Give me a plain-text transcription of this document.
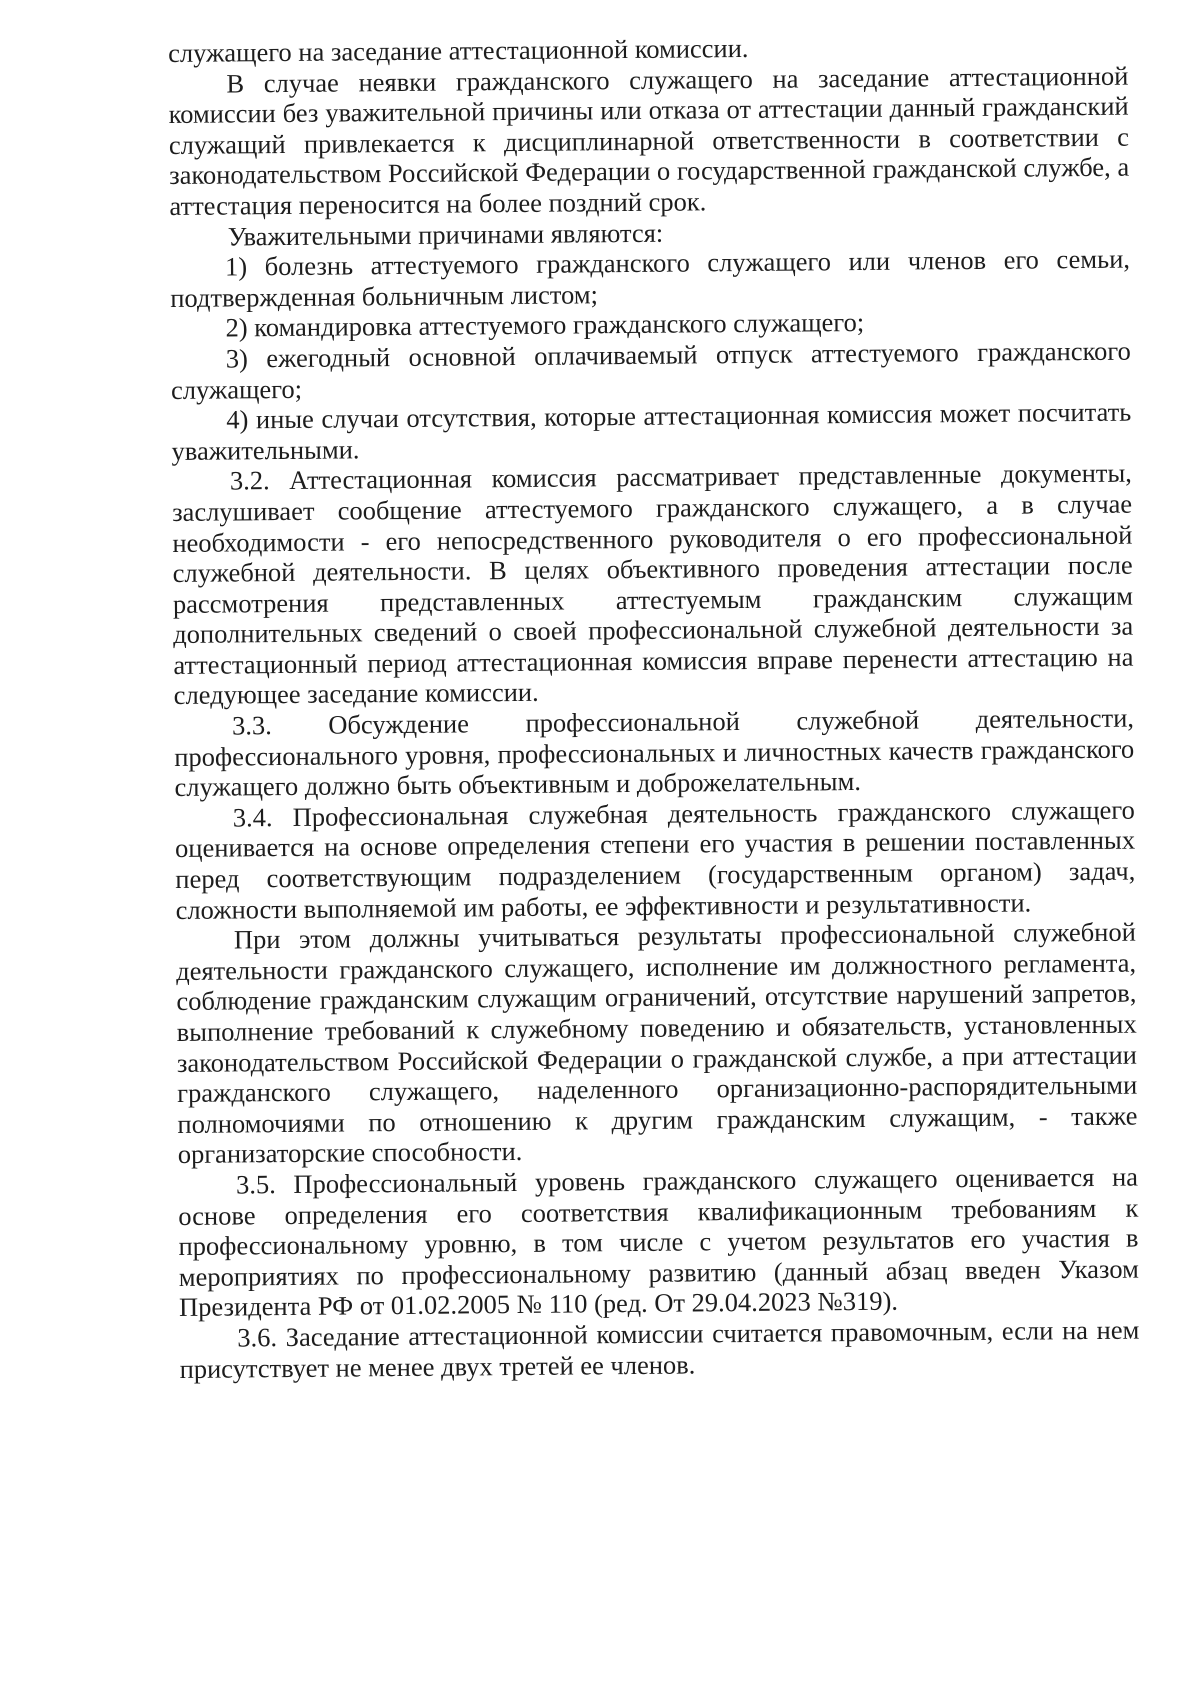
служащего на заседание аттестационной комиссии.

В случае неявки гражданского служащего на заседание аттестационной комиссии без уважительной причины или отказа от аттестации данный гражданский служащий привлекается к дисциплинарной ответственности в соответствии с законодательством Российской Федерации о государственной гражданской службе, а аттестация переносится на более поздний срок.

Уважительными причинами являются:

1) болезнь аттестуемого гражданского служащего или членов его семьи, подтвержденная больничным листом;

2) командировка аттестуемого гражданского служащего;

3) ежегодный основной оплачиваемый отпуск аттестуемого гражданского служащего;

4) иные случаи отсутствия, которые аттестационная комиссия может посчитать уважительными.

3.2. Аттестационная комиссия рассматривает представленные документы, заслушивает сообщение аттестуемого гражданского служащего, а в случае необходимости - его непосредственного руководителя о его профессиональной служебной деятельности. В целях объективного проведения аттестации после рассмотрения представленных аттестуемым гражданским служащим дополнительных сведений о своей профессиональной служебной деятельности за аттестационный период аттестационная комиссия вправе перенести аттестацию на следующее заседание комиссии.

3.3. Обсуждение профессиональной служебной деятельности, профессионального уровня, профессиональных и личностных качеств гражданского служащего должно быть объективным и доброжелательным.

3.4. Профессиональная служебная деятельность гражданского служащего оценивается на основе определения степени его участия в решении поставленных перед соответствующим подразделением (государственным органом) задач, сложности выполняемой им работы, ее эффективности и результативности.

При этом должны учитываться результаты профессиональной служебной деятельности гражданского служащего, исполнение им должностного регламента, соблюдение гражданским служащим ограничений, отсутствие нарушений запретов, выполнение требований к служебному поведению и обязательств, установленных законодательством Российской Федерации о гражданской службе, а при аттестации гражданского служащего, наделенного организационно-распорядительными полномочиями по отношению к другим гражданским служащим, - также организаторские способности.

3.5. Профессиональный уровень гражданского служащего оценивается на основе определения его соответствия квалификационным требованиям к профессиональному уровню, в том числе с учетом результатов его участия в мероприятиях по профессиональному развитию (данный абзац введен Указом Президента РФ от 01.02.2005 № 110 (ред. От 29.04.2023 №319).

3.6. Заседание аттестационной комиссии считается правомочным, если на нем присутствует не менее двух третей ее членов.
